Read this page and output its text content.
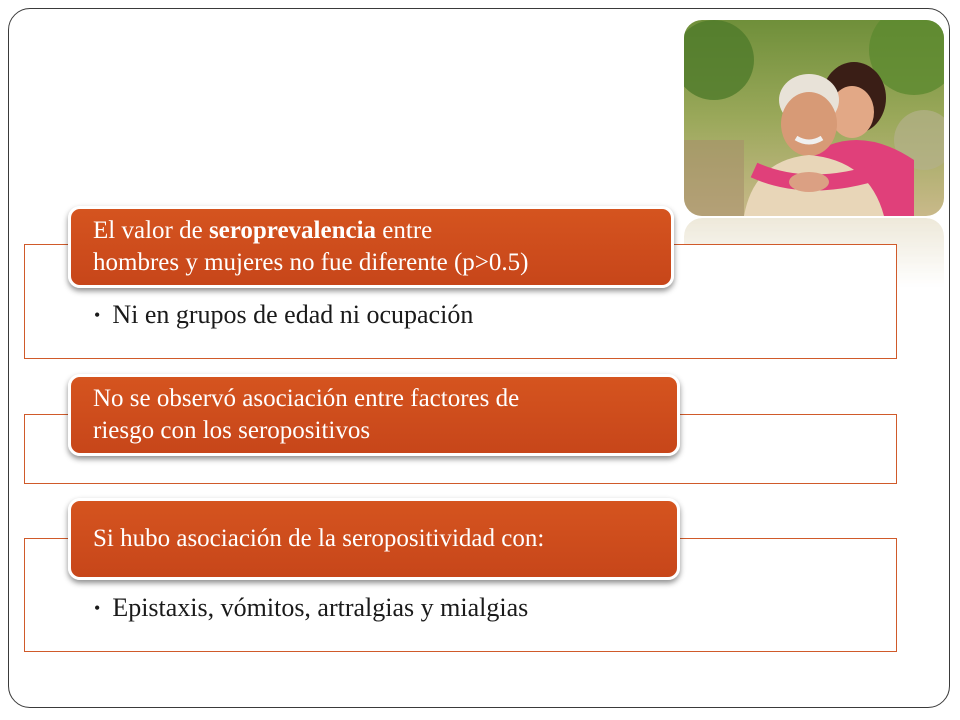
El valor de seroprevalencia entre
hombres y mujeres no fue diferente (p>0.5)
• Ni en grupos de edad ni ocupación
No se observó asociación entre factores de
riesgo con los seropositivos
Si hubo asociación de la seropositividad con:
• Epistaxis, vómitos, artralgias y mialgias
